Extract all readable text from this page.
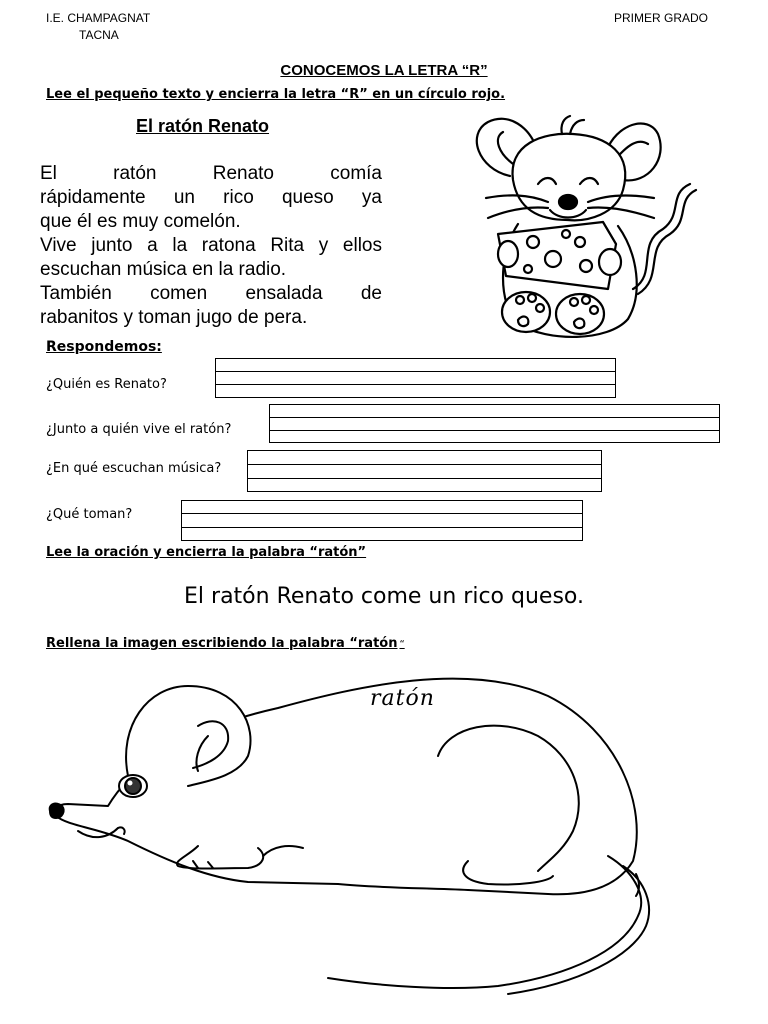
I.E. CHAMPAGNAT
TACNA
PRIMER GRADO
CONOCEMOS LA LETRA “R”
Lee el pequeño texto y encierra la letra “R” en un círculo rojo.
El ratón Renato
El ratón Renato comía
rápidamente un rico queso ya
que él es muy comelón.
Vive junto a la ratona Rita y ellos
escuchan música en la radio.
También comen ensalada de
rabanitos y toman jugo de pera.
Respondemos:
¿Quién es Renato?
¿Junto a quién vive el ratón?
¿En qué escuchan música?
¿Qué toman?
Lee la oración y encierra la palabra “ratón”
El ratón Renato come un rico queso.
Rellena la imagen escribiendo la palabra “ratón “
ratón
